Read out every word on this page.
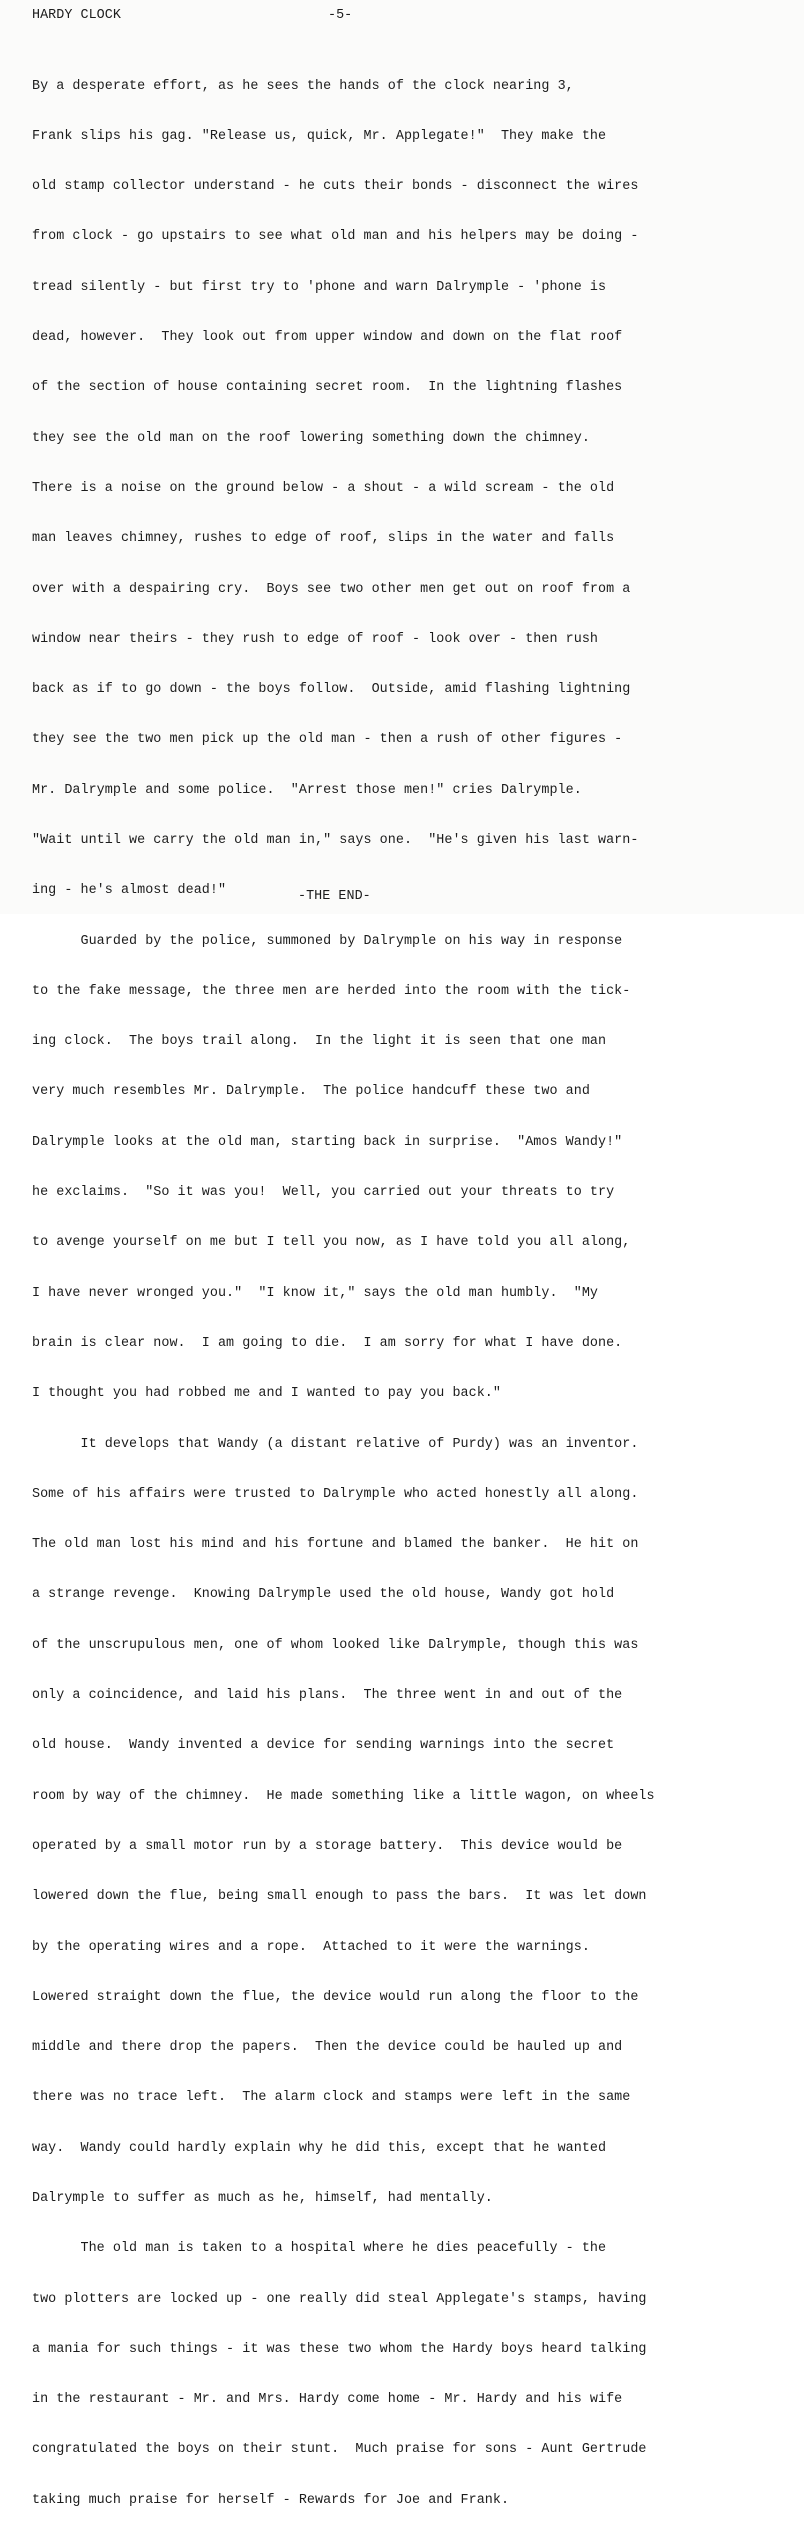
HARDY CLOCK	-5-

By a desperate effort, as he sees the hands of the clock nearing 3,

Frank slips his gag. "Release us, quick, Mr. Applegate!"  They make the

old stamp collector understand - he cuts their bonds - disconnect the wires

from clock - go upstairs to see what old man and his helpers may be doing -

tread silently - but first try to 'phone and warn Dalrymple - 'phone is

dead, however.  They look out from upper window and down on the flat roof

of the section of house containing secret room.  In the lightning flashes

they see the old man on the roof lowering something down the chimney.

There is a noise on the ground below - a shout - a wild scream - the old

man leaves chimney, rushes to edge of roof, slips in the water and falls

over with a despairing cry.  Boys see two other men get out on roof from a

window near theirs - they rush to edge of roof - look over - then rush

back as if to go down - the boys follow.  Outside, amid flashing lightning

they see the two men pick up the old man - then a rush of other figures -

Mr. Dalrymple and some police.  "Arrest those men!" cries Dalrymple.

"Wait until we carry the old man in," says one.  "He's given his last warn-

ing - he's almost dead!"

Guarded by the police, summoned by Dalrymple on his way in response

to the fake message, the three men are herded into the room with the tick-

ing clock.  The boys trail along.  In the light it is seen that one man

very much resembles Mr. Dalrymple.  The police handcuff these two and

Dalrymple looks at the old man, starting back in surprise.  "Amos Wandy!"

he exclaims.  "So it was you!  Well, you carried out your threats to try

to avenge yourself on me but I tell you now, as I have told you all along,

I have never wronged you."  "I know it," says the old man humbly.  "My

brain is clear now.  I am going to die.  I am sorry for what I have done.

I thought you had robbed me and I wanted to pay you back."

It develops that Wandy (a distant relative of Purdy) was an inventor.

Some of his affairs were trusted to Dalrymple who acted honestly all along.

The old man lost his mind and his fortune and blamed the banker.  He hit on

a strange revenge.  Knowing Dalrymple used the old house, Wandy got hold

of the unscrupulous men, one of whom looked like Dalrymple, though this was

only a coincidence, and laid his plans.  The three went in and out of the

old house.  Wandy invented a device for sending warnings into the secret

room by way of the chimney.  He made something like a little wagon, on wheels

operated by a small motor run by a storage battery.  This device would be

lowered down the flue, being small enough to pass the bars.  It was let down

by the operating wires and a rope.  Attached to it were the warnings.

Lowered straight down the flue, the device would run along the floor to the

middle and there drop the papers.  Then the device could be hauled up and

there was no trace left.  The alarm clock and stamps were left in the same

way.  Wandy could hardly explain why he did this, except that he wanted

Dalrymple to suffer as much as he, himself, had mentally.

The old man is taken to a hospital where he dies peacefully - the

two plotters are locked up - one really did steal Applegate's stamps, having

a mania for such things - it was these two whom the Hardy boys heard talking

in the restaurant - Mr. and Mrs. Hardy come home - Mr. Hardy and his wife

congratulated the boys on their stunt.  Much praise for sons - Aunt Gertrude

taking much praise for herself - Rewards for Joe and Frank.

-THE END-
